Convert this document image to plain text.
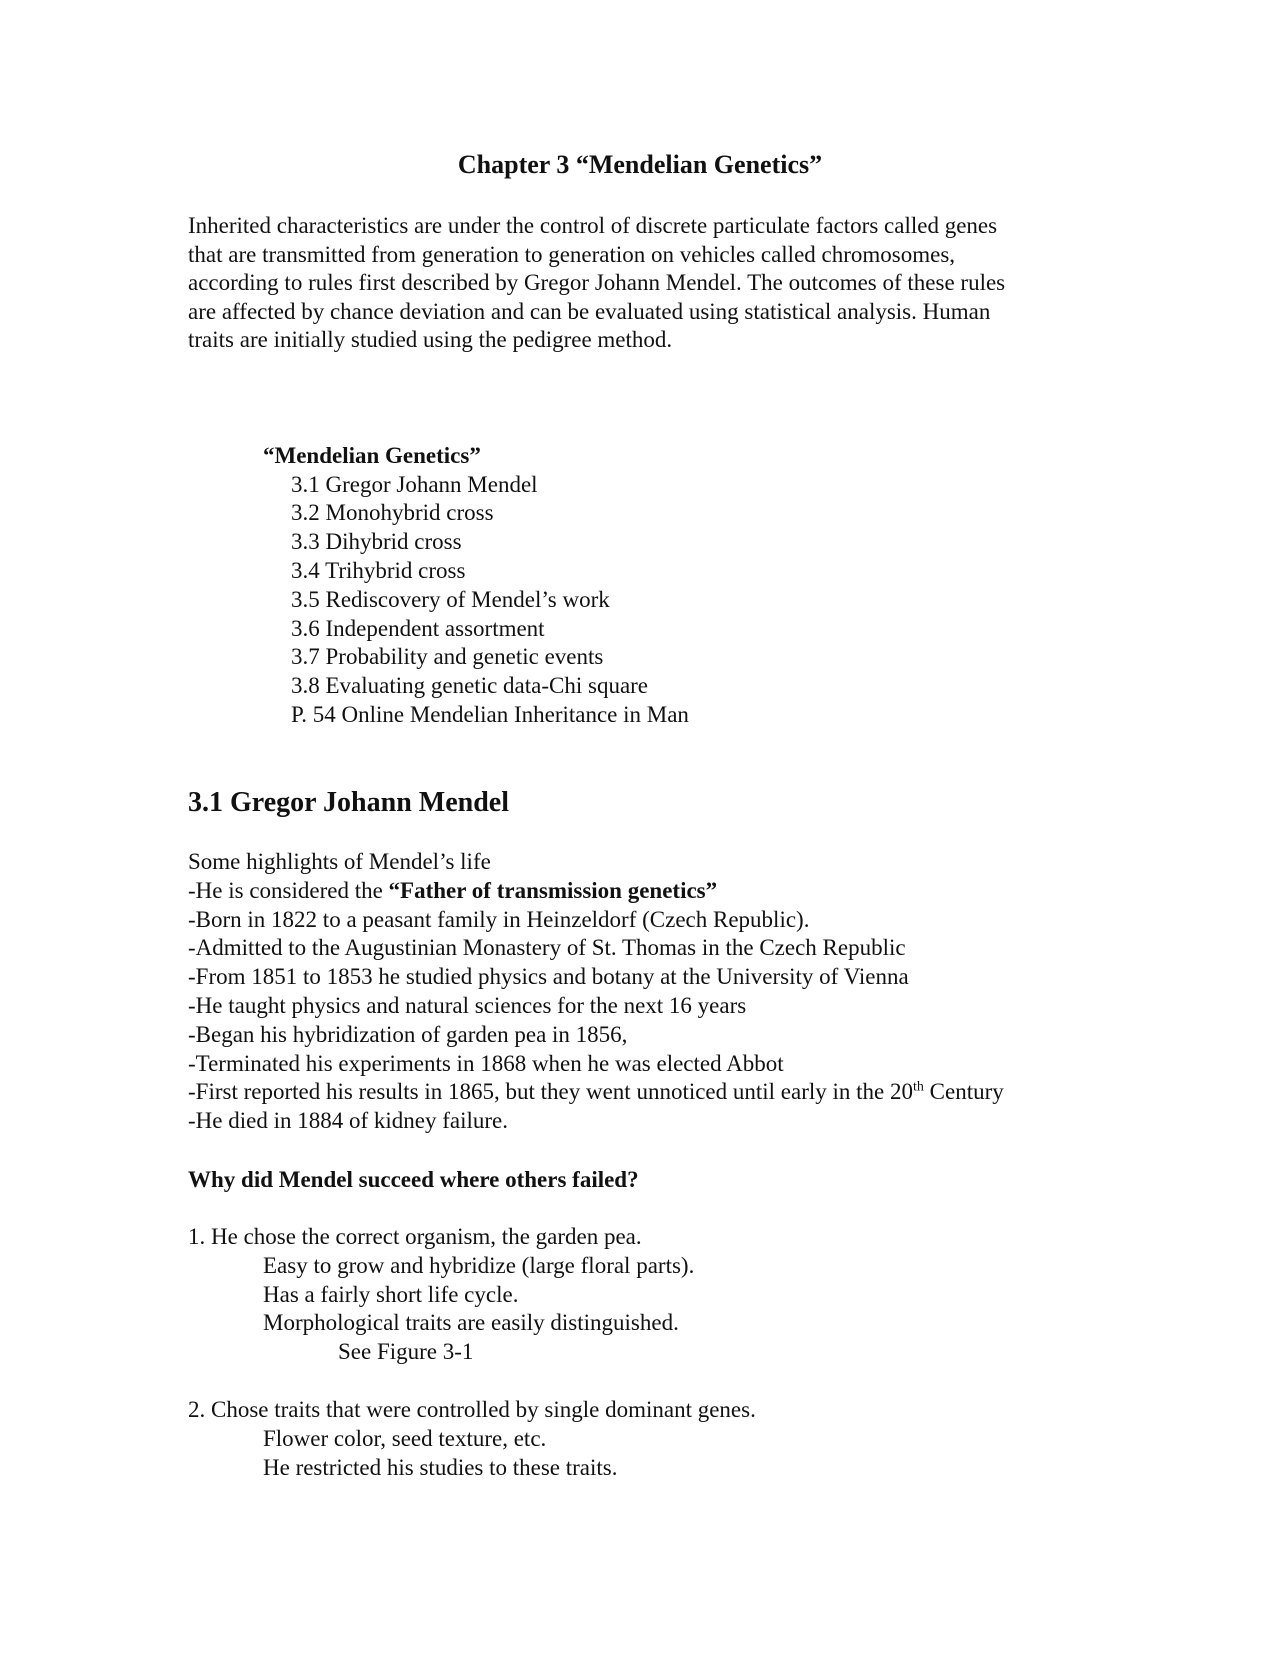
Chapter 3 “Mendelian Genetics”
Inherited characteristics are under the control of discrete particulate factors called genes
that are transmitted from generation to generation on vehicles called chromosomes,
according to rules first described by Gregor Johann Mendel. The outcomes of these rules
are affected by chance deviation and can be evaluated using statistical analysis. Human
traits are initially studied using the pedigree method.
“Mendelian Genetics”
3.1 Gregor Johann Mendel
3.2 Monohybrid cross
3.3 Dihybrid cross
3.4 Trihybrid cross
3.5 Rediscovery of Mendel’s work
3.6 Independent assortment
3.7 Probability and genetic events
3.8 Evaluating genetic data-Chi square
P. 54 Online Mendelian Inheritance in Man
3.1 Gregor Johann Mendel
Some highlights of Mendel’s life
-He is considered the “Father of transmission genetics”
-Born in 1822 to a peasant family in Heinzeldorf (Czech Republic).
-Admitted to the Augustinian Monastery of St. Thomas in the Czech Republic
-From 1851 to 1853 he studied physics and botany at the University of Vienna
-He taught physics and natural sciences for the next 16 years
-Began his hybridization of garden pea in 1856,
-Terminated his experiments in 1868 when he was elected Abbot
-First reported his results in 1865, but they went unnoticed until early in the 20th Century
-He died in 1884 of kidney failure.
Why did Mendel succeed where others failed?
1. He chose the correct organism, the garden pea.
Easy to grow and hybridize (large floral parts).
Has a fairly short life cycle.
Morphological traits are easily distinguished.
See Figure 3-1
2. Chose traits that were controlled by single dominant genes.
Flower color, seed texture, etc.
He restricted his studies to these traits.
